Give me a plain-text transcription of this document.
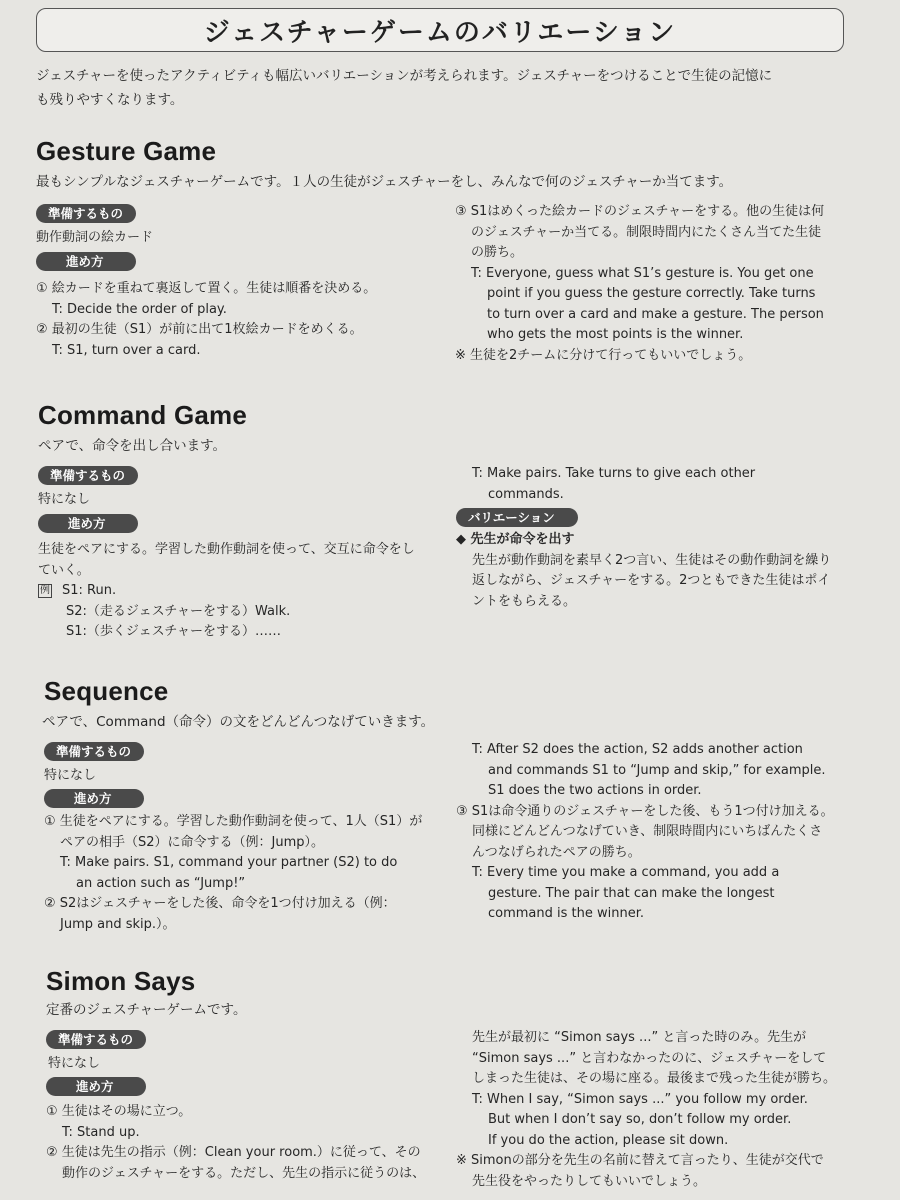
ジェスチャーゲームのバリエーション
ジェスチャーを使ったアクティビティも幅広いバリエーションが考えられます。ジェスチャーをつけることで生徒の記憶に
も残りやすくなります。
Gesture Game
最もシンプルなジェスチャーゲームです。１人の生徒がジェスチャーをし、みんなで何のジェスチャーか当てます。
準備するもの
動作動詞の絵カード
進め方
① 絵カードを重ねて裏返して置く。生徒は順番を決める。
T: Decide the order of play.
② 最初の生徒（S1）が前に出て1枚絵カードをめくる。
T: S1, turn over a card.
③ S1はめくった絵カードのジェスチャーをする。他の生徒は何
のジェスチャーか当てる。制限時間内にたくさん当てた生徒
の勝ち。
T: Everyone, guess what S1’s gesture is. You get one
point if you guess the gesture correctly. Take turns
to turn over a card and make a gesture. The person
who gets the most points is the winner.
※ 生徒を2チームに分けて行ってもいいでしょう。
Command Game
ペアで、命令を出し合います。
準備するもの
特になし
進め方
生徒をペアにする。学習した動作動詞を使って、交互に命令をし
ていく。
例 S1: Run.
S2:（走るジェスチャーをする）Walk.
S1:（歩くジェスチャーをする）……
T: Make pairs. Take turns to give each other
commands.
バリエーション
◆ 先生が命令を出す
先生が動作動詞を素早く2つ言い、生徒はその動作動詞を繰り
返しながら、ジェスチャーをする。2つともできた生徒はポイ
ントをもらえる。
Sequence
ペアで、Command（命令）の文をどんどんつなげていきます。
準備するもの
特になし
進め方
① 生徒をペアにする。学習した動作動詞を使って、1人（S1）が
ペアの相手（S2）に命令する（例：Jump）。
T: Make pairs. S1, command your partner (S2) to do
an action such as “Jump!”
② S2はジェスチャーをした後、命令を1つ付け加える（例：
Jump and skip.）。
T: After S2 does the action, S2 adds another action
and commands S1 to “Jump and skip,” for example.
S1 does the two actions in order.
③ S1は命令通りのジェスチャーをした後、もう1つ付け加える。
同様にどんどんつなげていき、制限時間内にいちばんたくさ
んつなげられたペアの勝ち。
T: Every time you make a command, you add a
gesture. The pair that can make the longest
command is the winner.
Simon Says
定番のジェスチャーゲームです。
準備するもの
特になし
進め方
① 生徒はその場に立つ。
T: Stand up.
② 生徒は先生の指示（例：Clean your room.）に従って、その
動作のジェスチャーをする。ただし、先生の指示に従うのは、
先生が最初に “Simon says ...” と言った時のみ。先生が
“Simon says ...” と言わなかったのに、ジェスチャーをして
しまった生徒は、その場に座る。最後まで残った生徒が勝ち。
T: When I say, “Simon says ...” you follow my order.
But when I don’t say so, don’t follow my order.
If you do the action, please sit down.
※ Simonの部分を先生の名前に替えて言ったり、生徒が交代で
先生役をやったりしてもいいでしょう。
